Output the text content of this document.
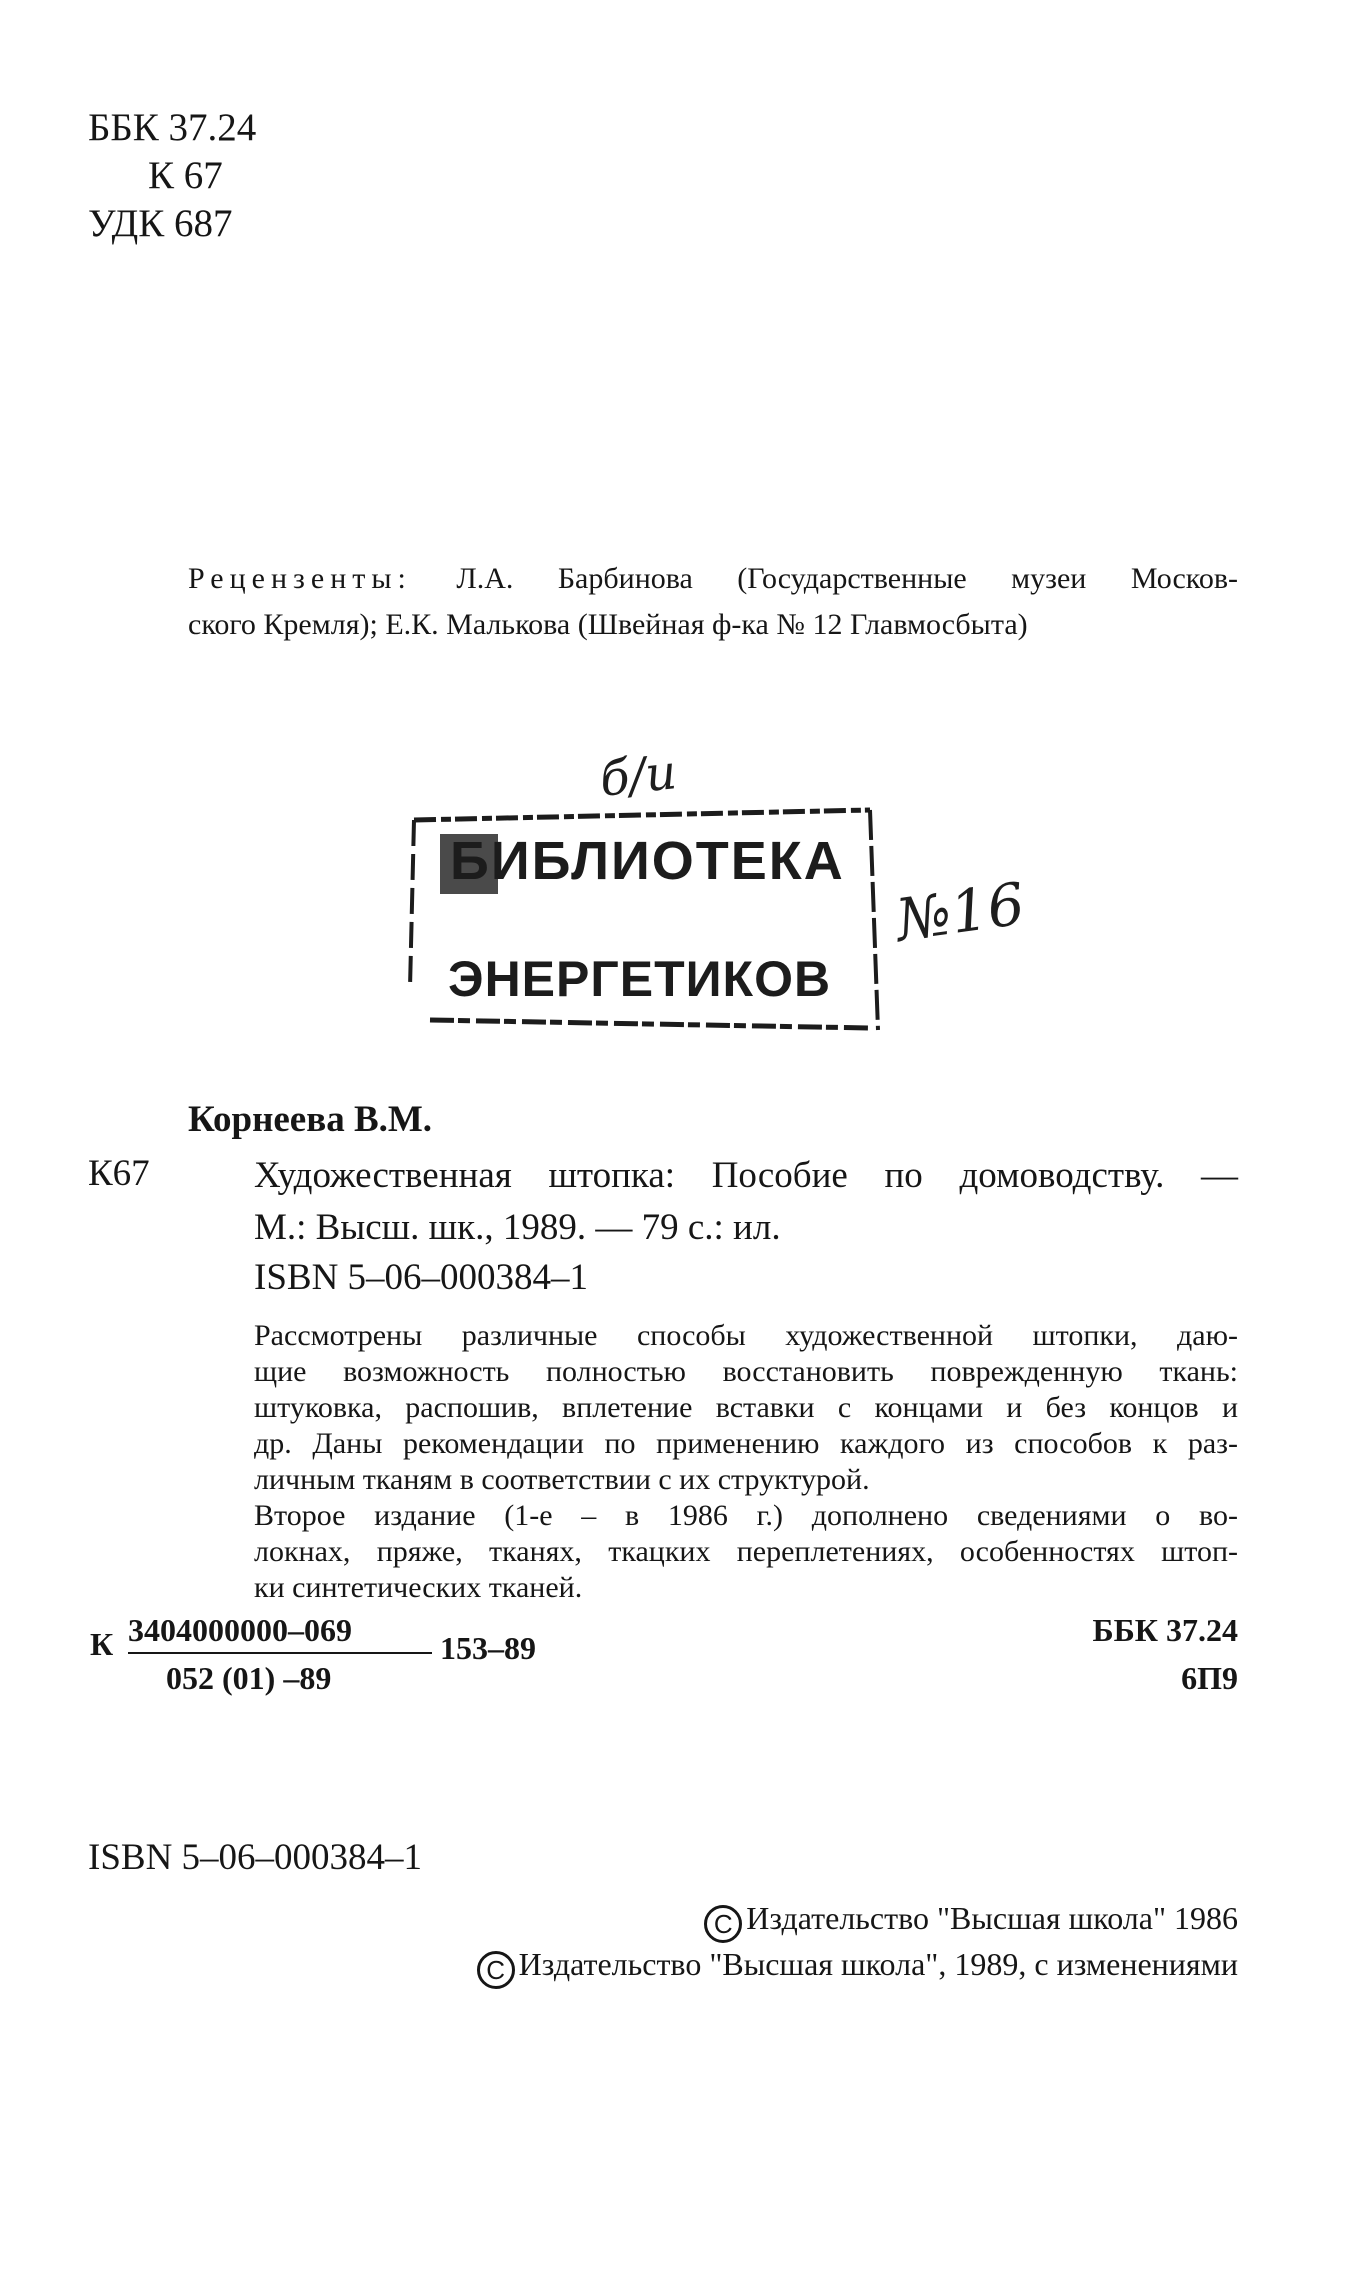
ББК 37.24
К 67
УДК 687
Рецензенты: Л.А. Барбинова (Государственные музеи Москов-
ского Кремля); Е.К. Малькова (Швейная ф-ка № 12 Главмосбыта)
б/и
БИБЛИОТЕКА
ЭНЕРГЕТИКОВ
№16
Корнеева В.М.
К67	Художественная штопка: Пособие по домоводству. —
М.: Высш. шк., 1989. — 79 с.: ил.
ISBN 5–06–000384–1
Рассмотрены различные способы художественной штопки, даю-
щие возможность полностью восстановить поврежденную ткань:
штуковка, распошив, вплетение вставки с концами и без концов и
др. Даны рекомендации по применению каждого из способов к раз-
личным тканям в соответствии с их структурой.
Второе издание (1-е – в 1986 г.) дополнено сведениями о во-
локнах, пряже, тканях, ткацких переплетениях, особенностях штоп-
ки синтетических тканей.
К 3404000000–069
052 (01) –89
153–89	ББК 37.24
6П9
ISBN 5–06–000384–1
C Издательство "Высшая школа" 1986
C Издательство "Высшая школа", 1989, с изменениями
